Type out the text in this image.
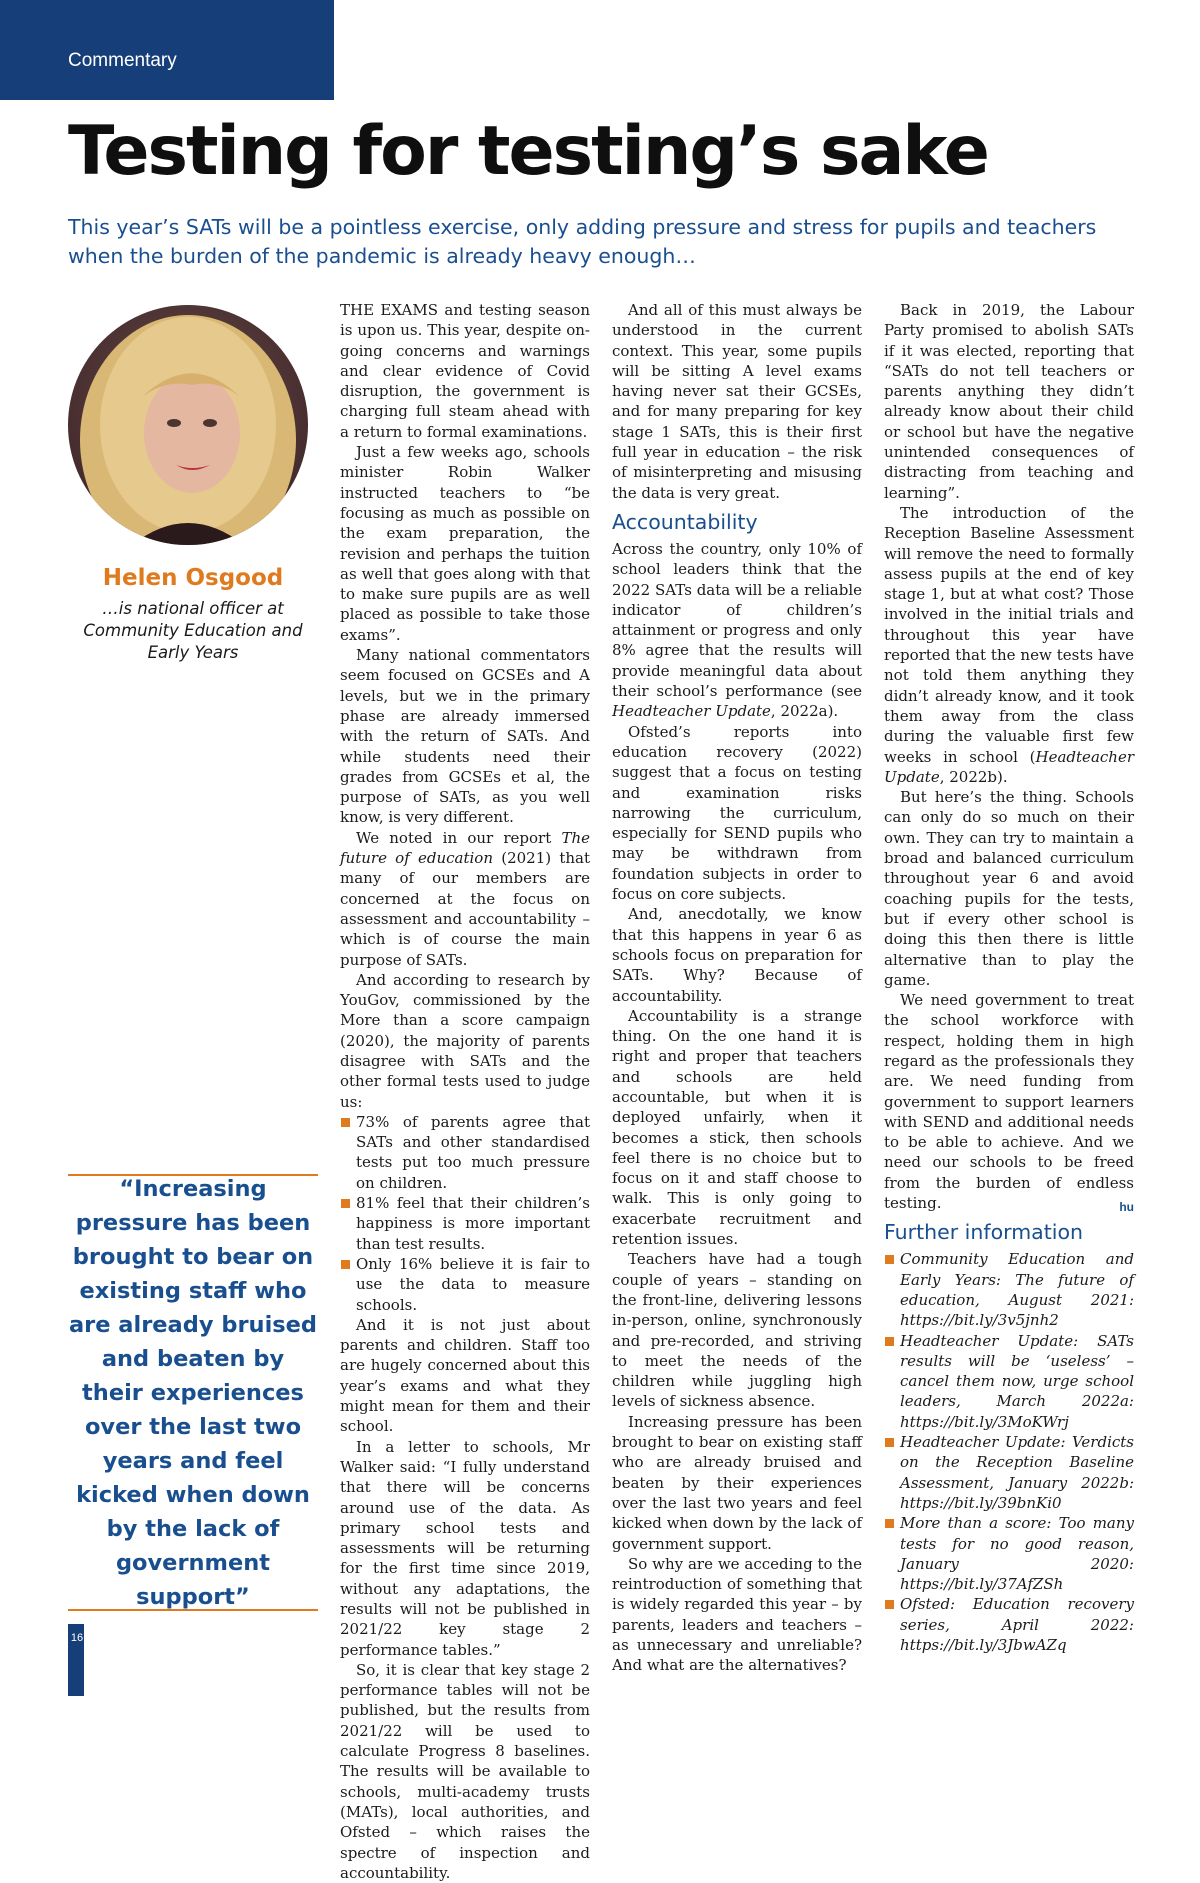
Commentary
Testing for testing’s sake

This year’s SATs will be a pointless exercise, only adding pressure and stress for pupils and teachers when the burden of the pandemic is already heavy enough…

Helen Osgood
…is national officer at Community Education and Early Years

“Increasing pressure has been brought to bear on existing staff who are already bruised and beaten by their experiences over the last two years and feel kicked when down by the lack of government support”

THE EXAMS and testing season is upon us. This year, despite on-going concerns and warnings and clear evidence of Covid disruption, the government is charging full steam ahead with a return to formal examinations.

Just a few weeks ago, schools minister Robin Walker instructed teachers to “be focusing as much as possible on the exam preparation, the revision and perhaps the tuition as well that goes along with that to make sure pupils are as well placed as possible to take those exams”.

Many national commentators seem focused on GCSEs and A levels, but we in the primary phase are already immersed with the return of SATs. And while students need their grades from GCSEs et al, the purpose of SATs, as you well know, is very different.

We noted in our report The future of education (2021) that many of our members are concerned at the focus on assessment and accountability – which is of course the main purpose of SATs.

And according to research by YouGov, commissioned by the More than a score campaign (2020), the majority of parents disagree with SATs and the other formal tests used to judge us:

73% of parents agree that SATs and other standardised tests put too much pressure on children.
81% feel that their children’s happiness is more important than test results.
Only 16% believe it is fair to use the data to measure schools.

And it is not just about parents and children. Staff too are hugely concerned about this year’s exams and what they might mean for them and their school.

In a letter to schools, Mr Walker said: “I fully understand that there will be concerns around use of the data. As primary school tests and assessments will be returning for the first time since 2019, without any adaptations, the results will not be published in 2021/22 key stage 2 performance tables.”

So, it is clear that key stage 2 performance tables will not be published, but the results from 2021/22 will be used to calculate Progress 8 baselines. The results will be available to schools, multi-academy trusts (MATs), local authorities, and Ofsted – which raises the spectre of inspection and accountability.

And all of this must always be understood in the current context. This year, some pupils will be sitting A level exams having never sat their GCSEs, and for many preparing for key stage 1 SATs, this is their first full year in education – the risk of misinterpreting and misusing the data is very great.

Accountability

Across the country, only 10% of school leaders think that the 2022 SATs data will be a reliable indicator of children’s attainment or progress and only 8% agree that the results will provide meaningful data about their school’s performance (see Headteacher Update, 2022a).

Ofsted’s reports into education recovery (2022) suggest that a focus on testing and examination risks narrowing the curriculum, especially for SEND pupils who may be withdrawn from foundation subjects in order to focus on core subjects.

And, anecdotally, we know that this happens in year 6 as schools focus on preparation for SATs. Why? Because of accountability.

Accountability is a strange thing. On the one hand it is right and proper that teachers and schools are held accountable, but when it is deployed unfairly, when it becomes a stick, then schools feel there is no choice but to focus on it and staff choose to walk. This is only going to exacerbate recruitment and retention issues.

Teachers have had a tough couple of years – standing on the front-line, delivering lessons in-person, online, synchronously and pre-recorded, and striving to meet the needs of the children while juggling high levels of sickness absence.

Increasing pressure has been brought to bear on existing staff who are already bruised and beaten by their experiences over the last two years and feel kicked when down by the lack of government support.

So why are we acceding to the reintroduction of something that is widely regarded this year – by parents, leaders and teachers – as unnecessary and unreliable? And what are the alternatives?

Back in 2019, the Labour Party promised to abolish SATs if it was elected, reporting that “SATs do not tell teachers or parents anything they didn’t already know about their child or school but have the negative unintended consequences of distracting from teaching and learning”.

The introduction of the Reception Baseline Assessment will remove the need to formally assess pupils at the end of key stage 1, but at what cost? Those involved in the initial trials and throughout this year have reported that the new tests have not told them anything they didn’t already know, and it took them away from the class during the valuable first few weeks in school (Headteacher Update, 2022b).

But here’s the thing. Schools can only do so much on their own. They can try to maintain a broad and balanced curriculum throughout year 6 and avoid coaching pupils for the tests, but if every other school is doing this then there is little alternative than to play the game.

We need government to treat the school workforce with respect, holding them in high regard as the professionals they are. We need funding from government to support learners with SEND and additional needs to be able to achieve. And we need our schools to be freed from the burden of endless testing.	hu

Further information
Community Education and Early Years: The future of education, August 2021: https://bit.ly/3v5jnh2
Headteacher Update: SATs results will be ‘useless’ – cancel them now, urge school leaders, March 2022a: https://bit.ly/3MoKWrj
Headteacher Update: Verdicts on the Reception Baseline Assessment, January 2022b: https://bit.ly/39bnKi0
More than a score: Too many tests for no good reason, January 2020: https://bit.ly/37AfZSh
Ofsted: Education recovery series, April 2022: https://bit.ly/3JbwAZq
16
